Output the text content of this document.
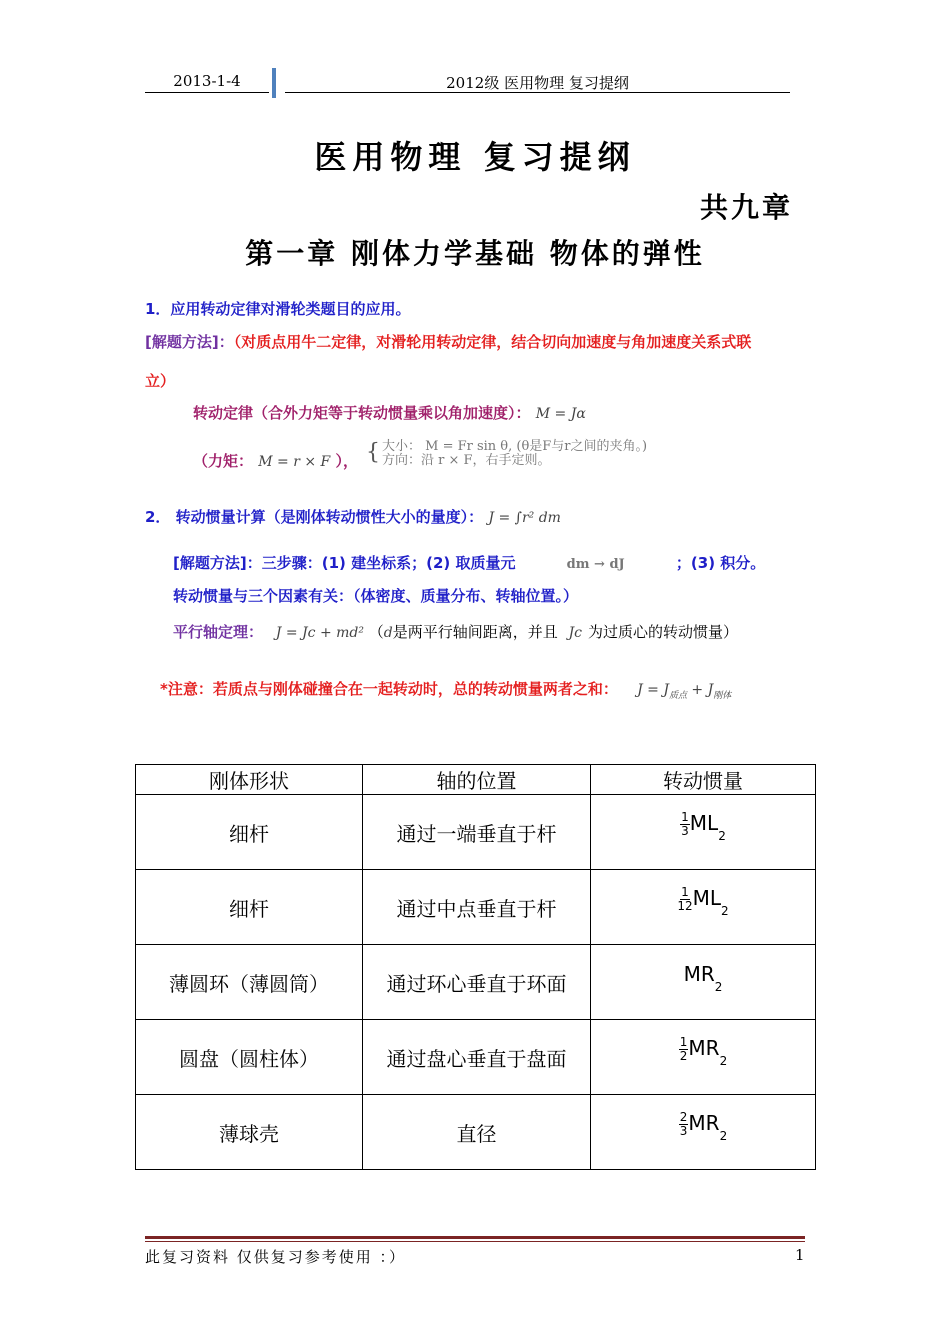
2013-1-4	2012级 医用物理 复习提纲
医用物理 复习提纲
共九章
第一章 刚体力学基础 物体的弹性
1．应用转动定律对滑轮类题目的应用。
[解题方法]：（对质点用牛二定律，对滑轮用转动定律，结合切向加速度与角加速度关系式联
立）
转动定律（合外力矩等于转动惯量乘以角加速度）： M = Jα
（力矩： M = r × F ）， { 大小： M = Fr sin θ, (θ是F与r之间的夹角。)
方向：沿 r × F，右手定则。
2． 转动惯量计算（是刚体转动惯性大小的量度）： J = ∫r² dm
[解题方法]：三步骤：(1) 建坐标系；(2) 取质量元	dm → dJ	；(3) 积分。
转动惯量与三个因素有关：（体密度、质量分布、转轴位置。）
平行轴定理： J = Jc + md² （d是两平行轴间距离，并且 Jc 为过质心的转动惯量）
*注意：若质点与刚体碰撞合在一起转动时，总的转动惯量两者之和： $J = J_{质点} + J_{刚体}$
刚体形状	轴的位置	转动惯量
细杆	通过一端垂直于杆	$\frac{1}{3} ML_2$
细杆	通过中点垂直于杆	$\frac{1}{12} ML_2$
薄圆环（薄圆筒）	通过环心垂直于环面	$MR_2$
圆盘（圆柱体）	通过盘心垂直于盘面	$\frac{1}{2} MR_2$
薄球壳	直径	$\frac{2}{3} MR_2$
此复习资料 仅供复习参考使用 ：）	1
